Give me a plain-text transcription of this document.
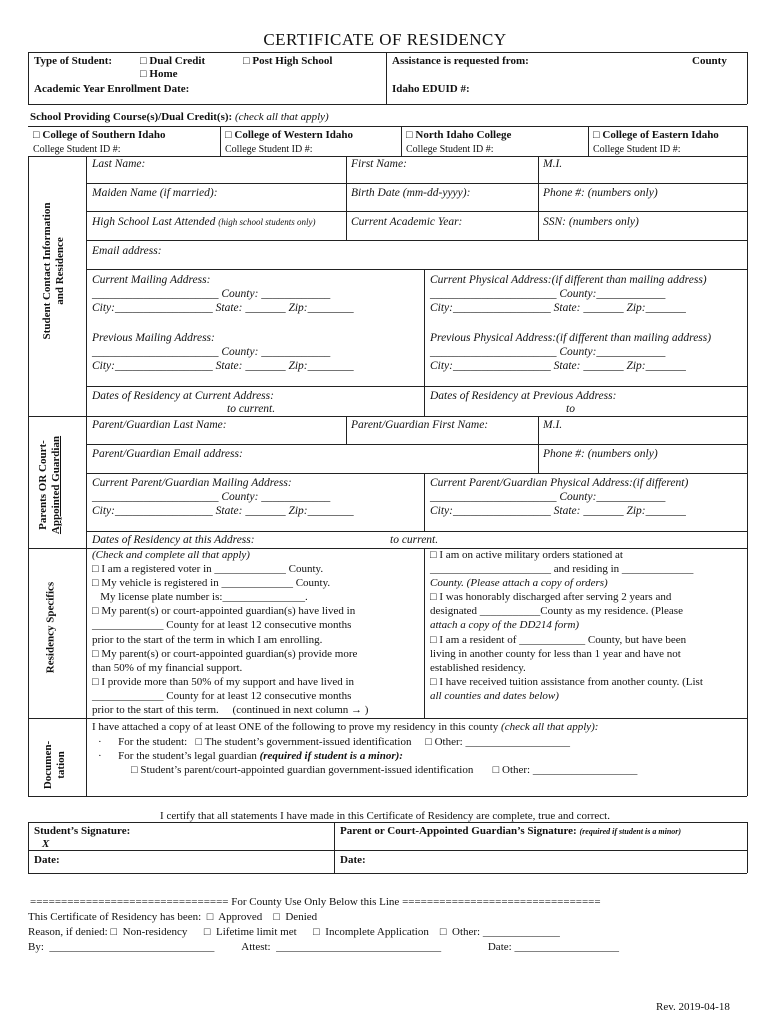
CERTIFICATE OF RESIDENCY
Type of Student:	□ Dual Credit
□ Home
□ Post High School
Academic Year Enrollment Date:
Assistance is requested from:	County
Idaho EDUID #:
School Providing Course(s)/Dual Credit(s): (check all that apply)
□ College of Southern Idaho
College Student ID #:
□ College of Western Idaho
College Student ID #:
□ North Idaho College
College Student ID #:
□ College of Eastern Idaho
College Student ID #:
Student Contact Information and Residence
Last Name:	First Name:	M.I.
Maiden Name (if married):	Birth Date (mm-dd-yyyy):	Phone #: (numbers only)
High School Last Attended (high school students only)	Current Academic Year:	SSN: (numbers only)
Email address:
Current Mailing Address:
______________________ County: ____________
City:_________________ State: _______ Zip:________
Current Physical Address:(if different than mailing address)
______________________ County:____________
City:_________________ State: _______ Zip:_______
Previous Mailing Address:
______________________ County: ____________
City:_________________ State: _______ Zip:________
Previous Physical Address:(if different than mailing address)
______________________ County:____________
City:_________________ State: _______ Zip:_______
Dates of Residency at Current Address:
to current.
Dates of Residency at Previous Address:
to
Parents OR Court- Appointed Guardian
Parent/Guardian Last Name:	Parent/Guardian First Name:	M.I.
Parent/Guardian Email address:	Phone #: (numbers only)
Current Parent/Guardian Mailing Address:
______________________ County: ____________
City:_________________ State: _______ Zip:________
Current Parent/Guardian Physical Address:(if different)
______________________ County:____________
City:_________________ State: _______ Zip:_______
Dates of Residency at this Address:	to current.
Residency Specifics
(Check and complete all that apply)
□ I am a registered voter in _____________ County.
□ My vehicle is registered in _____________ County.
My license plate number is:_______________.
□ My parent(s) or court-appointed guardian(s) have lived in
_____________ County for at least 12 consecutive months
prior to the start of the term in which I am enrolling.
□ My parent(s) or court-appointed guardian(s) provide more
than 50% of my financial support.
□ I provide more than 50% of my support and have lived in
_____________ County for at least 12 consecutive months
prior to the start of this term.     (continued in next column → )
□ I am on active military orders stationed at
______________________ and residing in _____________
County. (Please attach a copy of orders)
□ I was honorably discharged after serving 2 years and
designated ___________County as my residence. (Please
attach a copy of the DD214 form)
□ I am a resident of ____________ County, but have been
living in another county for less than 1 year and have not
established residency.
□ I have received tuition assistance from another county. (List
all counties and dates below)
Documen- tation
I have attached a copy of at least ONE of the following to prove my residency in this county (check all that apply):
·      For the student:   □ The student’s government-issued identification     □ Other: ___________________
·      For the student’s legal guardian (required if student is a minor):
□ Student’s parent/court-appointed guardian government-issued identification       □ Other: ___________________
I certify that all statements I have made in this Certificate of Residency are complete, true and correct.
Student’s Signature:
X
Parent or Court-Appointed Guardian’s Signature: (required if student is a minor)
Date:	Date:
================================ For County Use Only Below this Line ================================
This Certificate of Residency has been:  □  Approved    □  Denied
Reason, if denied: □  Non-residency      □  Lifetime limit met      □  Incomplete Application    □  Other: ______________
By:  ______________________________          Attest:  ______________________________                 Date: ___________________
Rev. 2019-04-18
